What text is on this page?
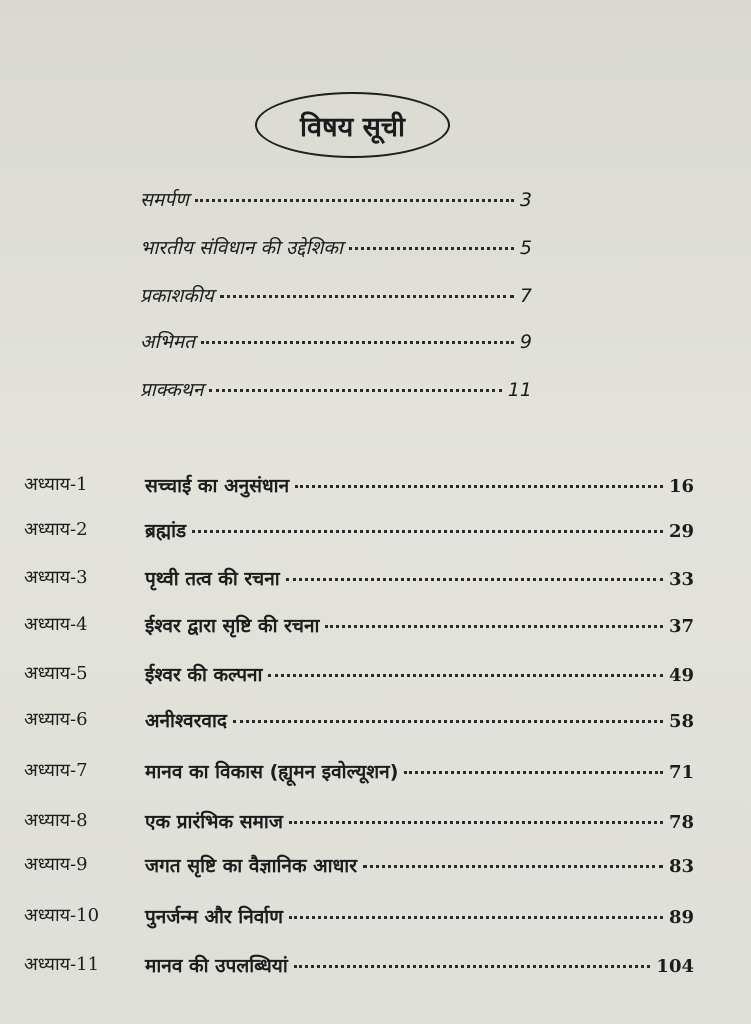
विषय सूची
समर्पण	3
भारतीय संविधान की उद्देशिका	5
प्रकाशकीय	7
अभिमत	9
प्राक्कथन	11
अध्याय-1	सच्चाई का अनुसंधान	16
अध्याय-2	ब्रह्मांड	29
अध्याय-3	पृथ्वी तत्व की रचना	33
अध्याय-4	ईश्वर द्वारा सृष्टि की रचना	37
अध्याय-5	ईश्वर की कल्पना	49
अध्याय-6	अनीश्वरवाद	58
अध्याय-7	मानव का विकास (ह्यूमन इवोल्यूशन)	71
अध्याय-8	एक प्रारंभिक समाज	78
अध्याय-9	जगत सृष्टि का वैज्ञानिक आधार	83
अध्याय-10 पुनर्जन्म और निर्वाण	89
अध्याय-11 मानव की उपलब्धियां	104
